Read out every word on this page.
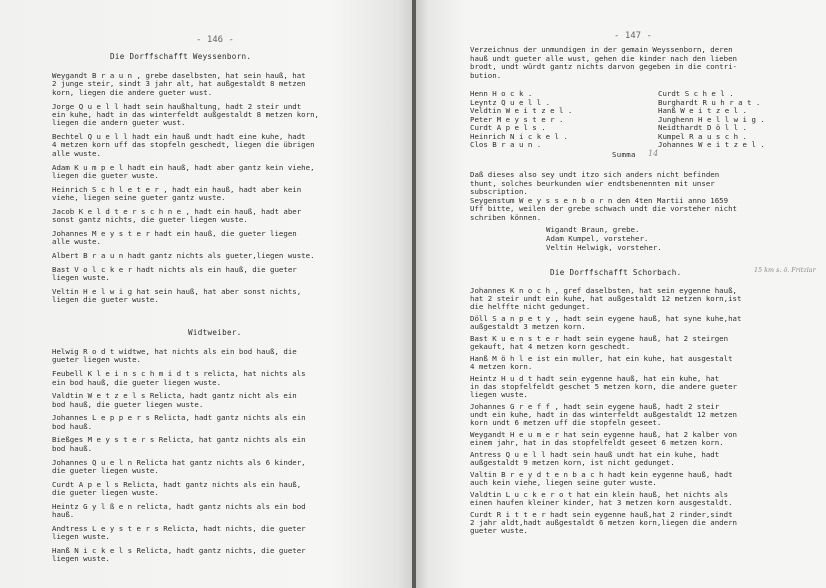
- 146 -
Die Dorffschafft Weyssenborn.
Weygandt B r a u n , grebe daselbsten, hat sein hauß, hat
2 junge steir, sindt 3 jahr alt, hat außgestaldt 8 metzen
korn, liegen die andere gueter wust.
Jorge Q u e l l hadt sein haußhaltung, hadt 2 steir undt
ein kuhe, hadt in das winterfeldt außgestaldt 8 metzen korn,
liegen die andern gueter wust.
Bechtel Q u e l l hadt ein hauß undt hadt eine kuhe, hadt
4 metzen korn uff das stopfeln geschedt, liegen die übrigen
alle wuste.
Adam K u m p e l hadt ein hauß, hadt aber gantz kein viehe,
liegen die gueter wuste.
Heinrich S c h l e t e r , hadt ein hauß, hadt aber kein
viehe, liegen seine gueter gantz wuste.
Jacob K e l d t e r s c h n e , hadt ein hauß, hadt aber
sonst gantz nichts, die gueter liegen wuste.
Johannes M e y s t e r hadt ein hauß, die gueter liegen
alle wuste.
Albert B r a u n hadt gantz nichts als gueter,liegen wuste.
Bast V o l c k e r hadt nichts als ein hauß, die gueter
liegen wuste.
Veltin H e l w i g hat sein hauß, hat aber sonst nichts,
liegen die gueter wuste.
Widtweiber.
Helwig R o d t widtwe, hat nichts als ein bod hauß, die
gueter liegen wuste.
Feubell K l e i n s c h m i d t s relicta, hat nichts als
ein bod hauß, die gueter liegen wuste.
Valdtin W e t z e l s Relicta, hadt gantz nicht als ein
bod hauß, die gueter liegen wuste.
Johannes L e p p e r s Relicta, hadt gantz nichts als ein
bod hauß.
Bießges M e y s t e r s Relicta, hat gantz nichts als ein
bod hauß.
Johannes Q u e l n Relicta hat gantz nichts als 6 kinder,
die gueter liegen wuste.
Curdt A p e l s Relicta, hadt gantz nichts als ein hauß,
die gueter liegen wuste.
Heintz G y l ß e n relicta, hadt gantz nichts als ein bod
hauß.
Andtress L e y s t e r s Relicta, hadt nichts, die gueter
liegen wuste.
Hanß N i c k e l s Relicta, hadt gantz nichts, die gueter
liegen wuste.
- 147 -
Verzeichnus der unmundigen in der gemain Weyssenborn, deren
hauß undt gueter alle wust, gehen die kinder nach den lieben
brodt, undt würdt gantz nichts darvon gegeben in die contri-
bution.
Henn H o c k .
Leyntz Q u e l l .
Veldtin W e i t z e l .
Peter M e y s t e r .
Curdt A p e l s .
Heinrich N i c k e l .
Clos B r a u n .
Curdt S c h e l .
Burghardt R u h r a t .
Hanß W e i t z e l .
Junghenn H e l l w i g .
Neidthardt D ö l l .
Kumpel R a u s c h .
Johannes W e i t z e l .
Summa 14
Daß dieses also sey undt itzo sich anders nicht befinden
thunt, solches beurkunden wier endtsbenennten mit unser
subscription.
Seygenstum W e y s s e n b o r n den 4ten Martii anno 1659
Uff bitte, weilen der grebe schwach undt die vorsteher nicht
schriben können.
Wigandt Braun, grebe.
Adam Kumpel, vorsteher.
Veltin Helwigk, vorsteher.
Die Dorffschafft Schorbach.	15 km s. ö. Fritzlar
Johannes K n o c h , gref daselbsten, hat sein eygenne hauß,
hat 2 steir undt ein kuhe, hat außgestaldt 12 metzen korn,ist
die helffte nicht gedunget.
Döll S a n p e t y , hadt sein eygene hauß, hat syne kuhe,hat
außgestaldt 3 metzen korn.
Bast K u e n s t e r hadt sein eygene hauß, hat 2 steirgen
gekauft, hat 4 metzen korn geschedt.
Hanß M ö h l e ist ein muller, hat ein kuhe, hat ausgestalt
4 metzen korn.
Heintz H u d t hadt sein eygenne hauß, hat ein kuhe, hat
in das stopfelfeldt geschet 5 metzen korn, die andere gueter
liegen wuste.
Johannes G r e f f , hadt sein eygene hauß, hadt 2 steir
undt ein kuhe, hadt in das winterfeldt außgestaldt 12 metzen
korn undt 6 metzen uff die stopfeln geseet.
Weygandt H e u m e r hat sein eygenne hauß, hat 2 kalber von
einem jahr, hat in das stopfelfeldt geseet 6 metzen korn.
Antress Q u e l l hadt sein hauß undt hat ein kuhe, hadt
außgestaldt 9 metzen korn, ist nicht gedunget.
Valtin B r e y d t e n b a c h hadt kein eygenne hauß, hadt
auch kein viehe, liegen seine guter wuste.
Valdtin L u c k e r o t hat ein klein hauß, het nichts als
einen haufen kleiner kinder, hat 3 metzen korn ausgestaldt.
Curdt R i t t e r hadt sein eygenne hauß,hat 2 rinder,sindt
2 jahr aldt,hadt außgestaldt 6 metzen korn,liegen die andern
gueter wuste.
